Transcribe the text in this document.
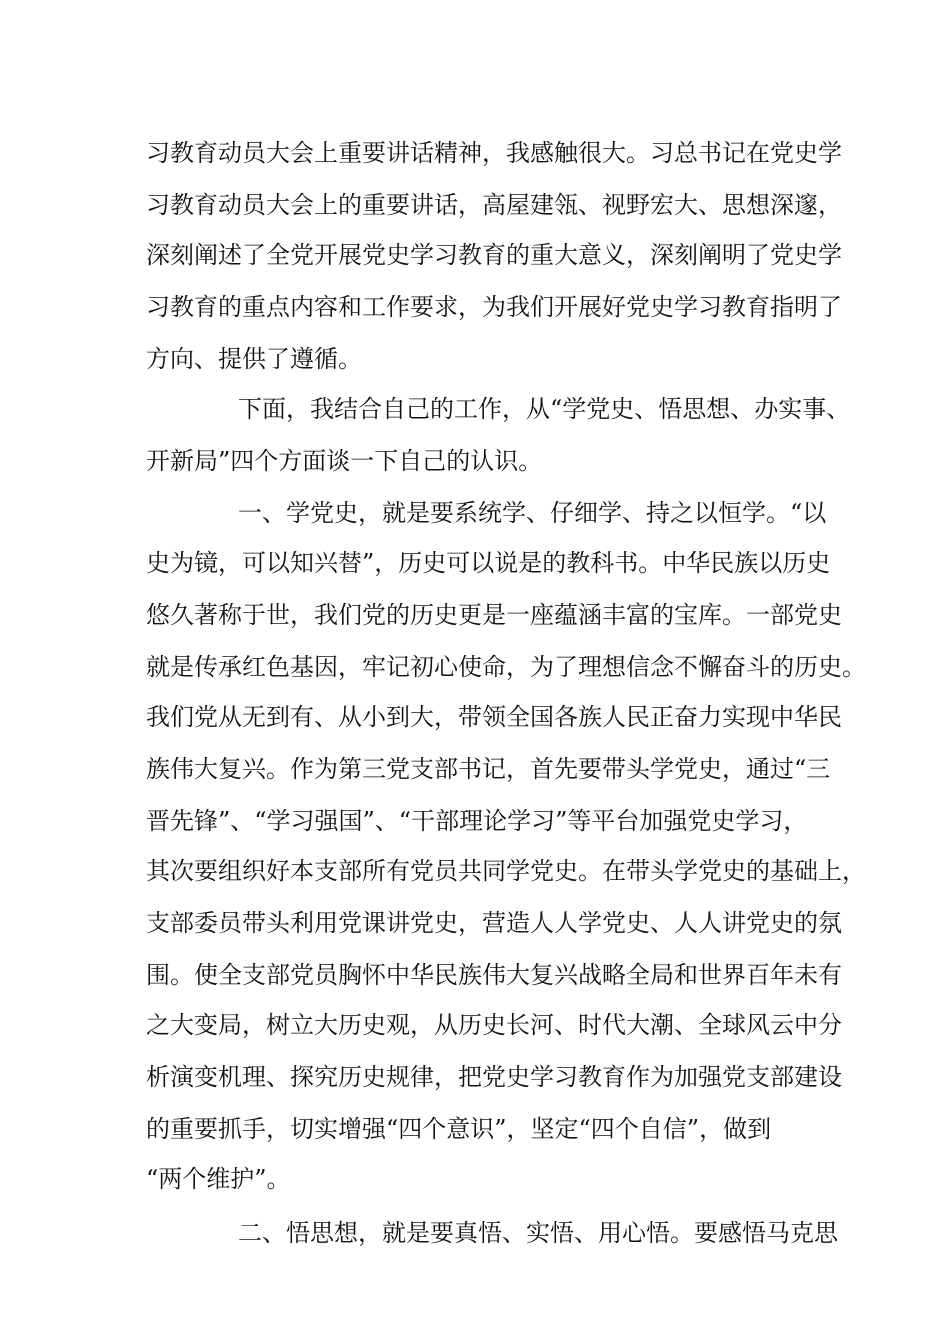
习教育动员大会上重要讲话精神，我感触很大。习总书记在党史学
习教育动员大会上的重要讲话，高屋建瓴、视野宏大、思想深邃，
深刻阐述了全党开展党史学习教育的重大意义，深刻阐明了党史学
习教育的重点内容和工作要求，为我们开展好党史学习教育指明了
方向、提供了遵循。
下面，我结合自己的工作，从“学党史、悟思想、办实事、
开新局”四个方面谈一下自己的认识。
一、学党史，就是要系统学、仔细学、持之以恒学。“以
史为镜，可以知兴替”，历史可以说是的教科书。中华民族以历史
悠久著称于世，我们党的历史更是一座蕴涵丰富的宝库。一部党史
就是传承红色基因，牢记初心使命，为了理想信念不懈奋斗的历史。
我们党从无到有、从小到大，带领全国各族人民正奋力实现中华民
族伟大复兴。作为第三党支部书记，首先要带头学党史，通过“三
晋先锋”、“学习强国”、“干部理论学习”等平台加强党史学习，
其次要组织好本支部所有党员共同学党史。在带头学党史的基础上，
支部委员带头利用党课讲党史，营造人人学党史、人人讲党史的氛
围。使全支部党员胸怀中华民族伟大复兴战略全局和世界百年未有
之大变局，树立大历史观，从历史长河、时代大潮、全球风云中分
析演变机理、探究历史规律，把党史学习教育作为加强党支部建设
的重要抓手，切实增强“四个意识”，坚定“四个自信”，做到
“两个维护”。
二、悟思想，就是要真悟、实悟、用心悟。要感悟马克思
